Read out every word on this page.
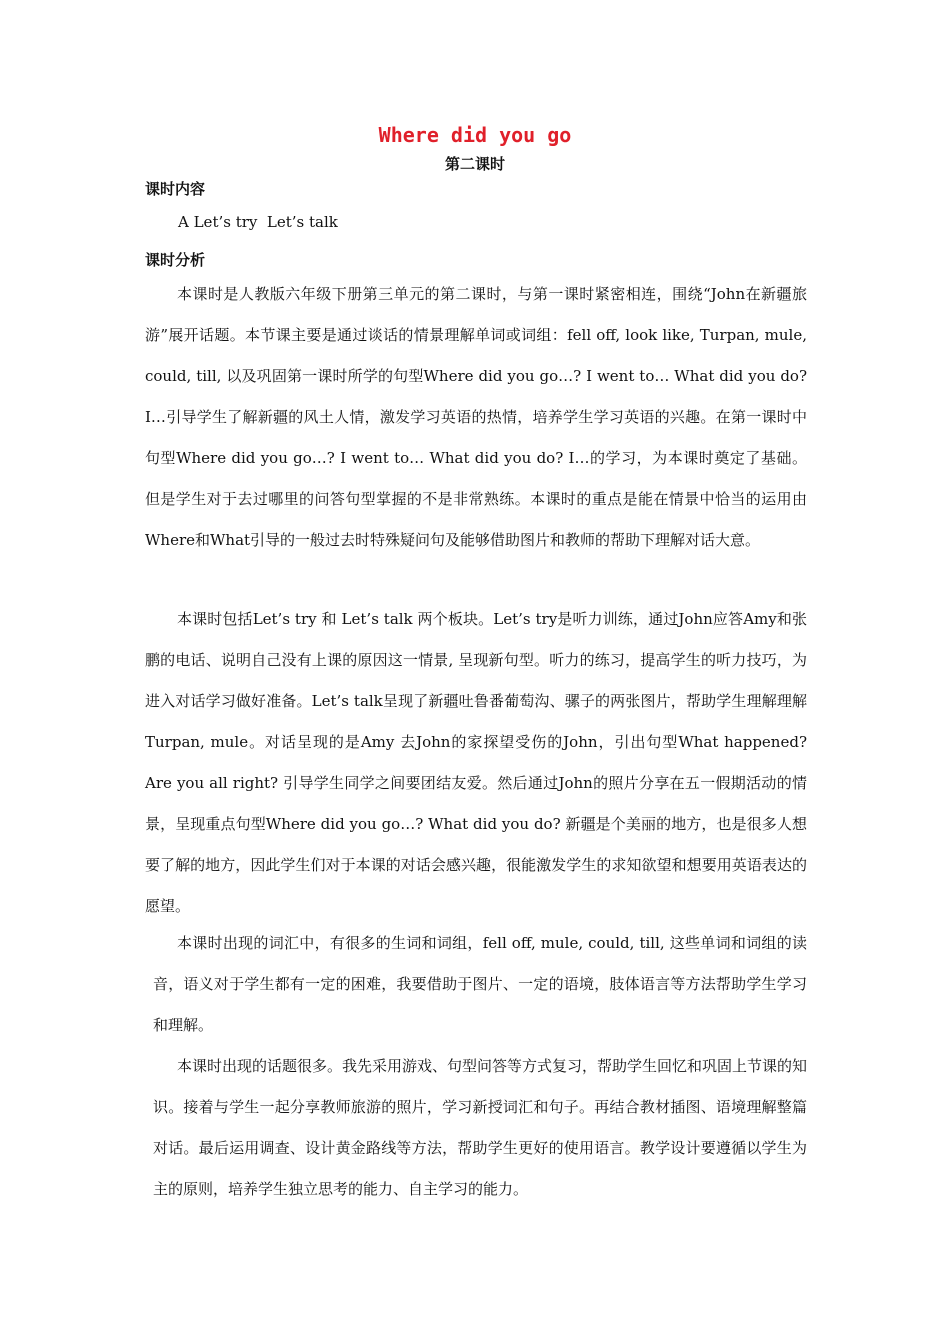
Where did you go
第二课时
课时内容
A Let’s try  Let’s talk
课时分析

本课时是人教版六年级下册第三单元的第二课时，与第一课时紧密相连，围绕“John在新疆旅游”展开话题。本节课主要是通过谈话的情景理解单词或词组：fell off, look like, Turpan, mule, could, till, 以及巩固第一课时所学的句型Where did you go…? I went to… What did you do? I…引导学生了解新疆的风土人情，激发学习英语的热情，培养学生学习英语的兴趣。在第一课时中句型Where did you go…? I went to… What did you do? I…的学习，为本课时奠定了基础。但是学生对于去过哪里的问答句型掌握的不是非常熟练。本课时的重点是能在情景中恰当的运用由Where和What引导的一般过去时特殊疑问句及能够借助图片和教师的帮助下理解对话大意。

本课时包括Let’s try 和 Let’s talk 两个板块。Let’s try是听力训练，通过John应答Amy和张鹏的电话、说明自己没有上课的原因这一情景, 呈现新句型。听力的练习，提高学生的听力技巧，为进入对话学习做好准备。Let’s talk呈现了新疆吐鲁番葡萄沟、骡子的两张图片，帮助学生理解理解Turpan, mule。对话呈现的是Amy 去John的家探望受伤的John，引出句型What happened? Are you all right? 引导学生同学之间要团结友爱。然后通过John的照片分享在五一假期活动的情景，呈现重点句型Where did you go…? What did you do? 新疆是个美丽的地方，也是很多人想要了解的地方，因此学生们对于本课的对话会感兴趣，很能激发学生的求知欲望和想要用英语表达的愿望。

本课时出现的词汇中，有很多的生词和词组，fell off, mule, could, till, 这些单词和词组的读音，语义对于学生都有一定的困难，我要借助于图片、一定的语境，肢体语言等方法帮助学生学习和理解。

本课时出现的话题很多。我先采用游戏、句型问答等方式复习，帮助学生回忆和巩固上节课的知识。接着与学生一起分享教师旅游的照片，学习新授词汇和句子。再结合教材插图、语境理解整篇对话。最后运用调查、设计黄金路线等方法，帮助学生更好的使用语言。教学设计要遵循以学生为主的原则，培养学生独立思考的能力、自主学习的能力。
